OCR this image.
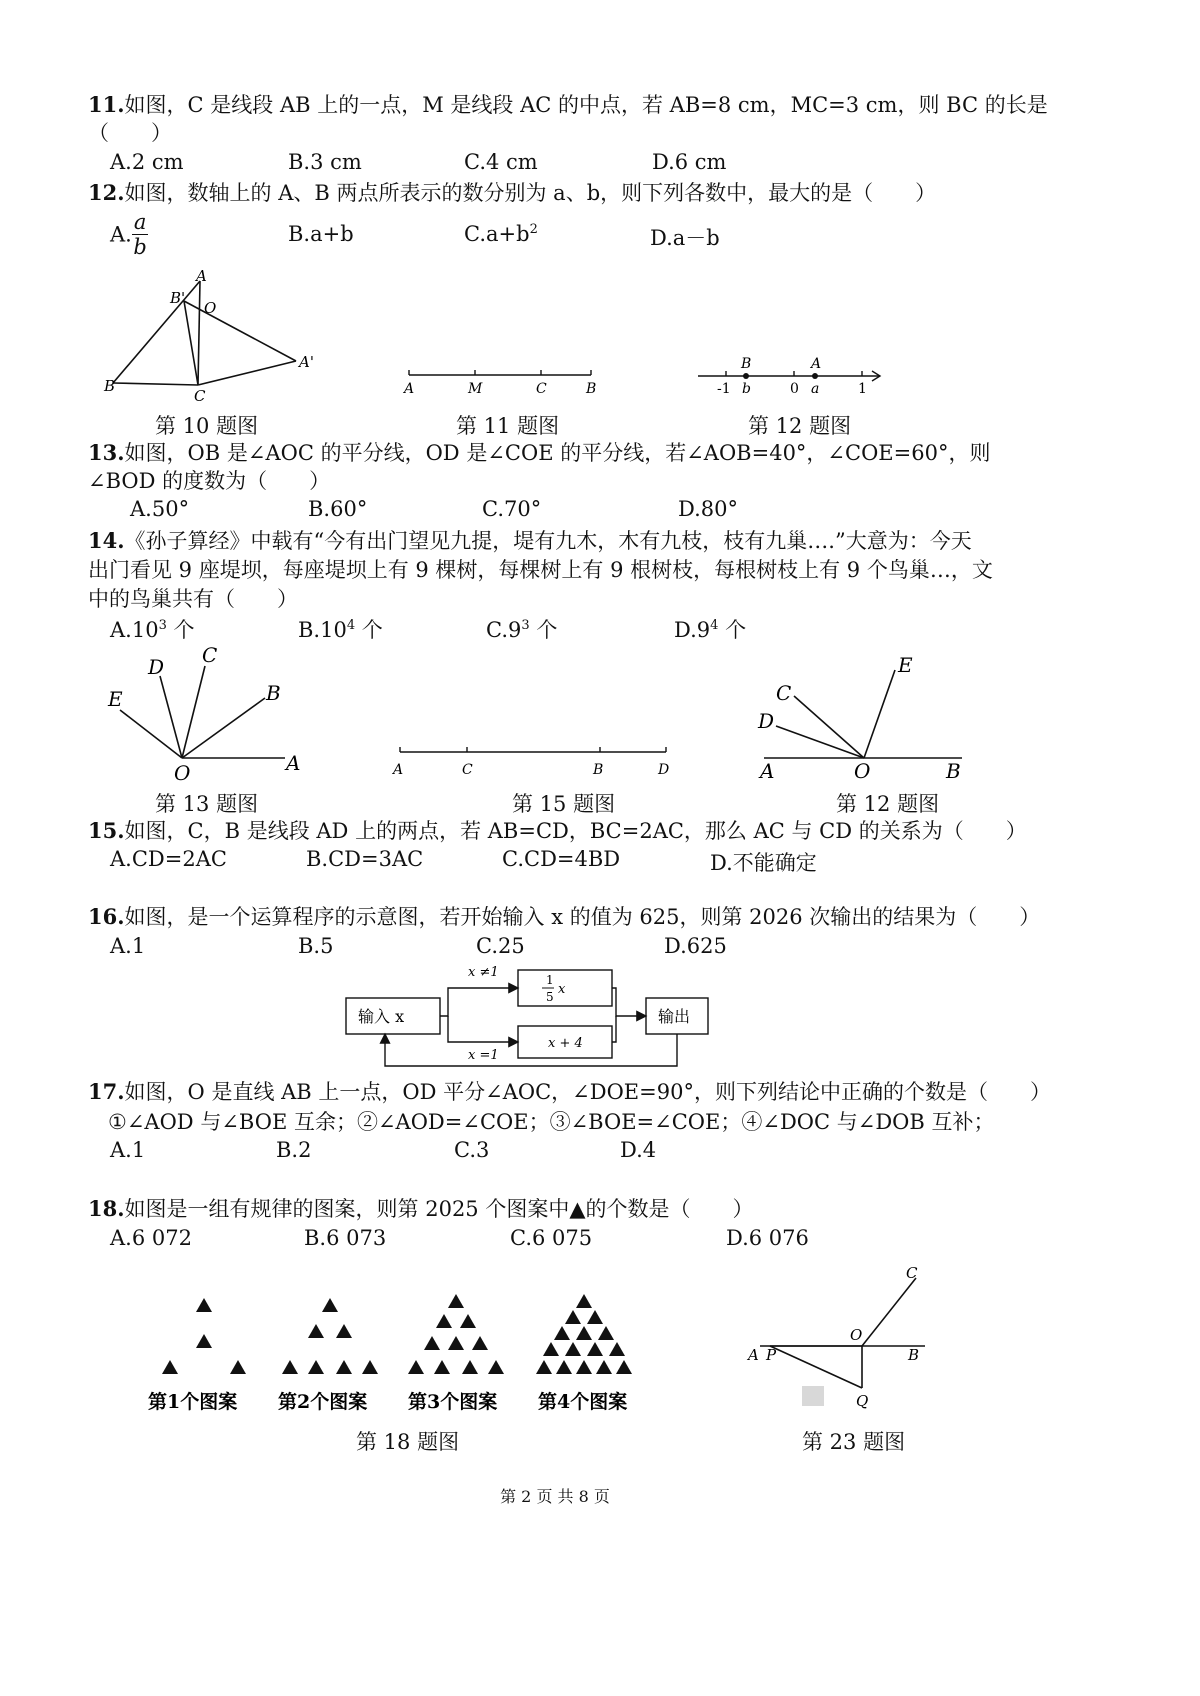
11.如图，C 是线段 AB 上的一点，M 是线段 AC 的中点，若 AB=8 cm，MC=3 cm，则 BC 的长是
（　　）
A.2 cm	B.3 cm	C.4 cm	D.6 cm
12.如图，数轴上的 A、B 两点所表示的数分别为 a、b，则下列各数中，最大的是（　　）
A. $\frac{a}{b}$	B.a+b	$C.a+b^2$	D.a－b
A
B'
O
A'
B
C	A	M	C	B
B	A
-1 b	0 a	1
第 10 题图	第 11 题图	第 12 题图
13.如图，OB 是∠AOC 的平分线，OD 是∠COE 的平分线，若∠AOB=40°，∠COE=60°，则
∠BOD 的度数为（　　）
A.50°	B.60°	C.70°	D.80°
14.《孙子算经》中载有“今有出门望见九提，堤有九木，木有九枝，枝有九巢….”大意为：今天
出门看见 9 座堤坝，每座堤坝上有 9 棵树，每棵树上有 9 根树枝，每根树枝上有 9 个鸟巢…，文
中的鸟巢共有（　　）
$A.10^3$ 个	$B.10^4$ 个	$C.9^3$ 个	$D.9^4$ 个
D C
E	B
O	A	A	C	B	D
E
C
D
A	O	B
第 13 题图	第 15 题图	第 12 题图
15.如图，C，B 是线段 AD 上的两点，若 AB=CD，BC=2AC，那么 AC 与 CD 的关系为（　　）
A.CD=2AC	B.CD=3AC	C.CD=4BD	D.不能确定
16.如图，是一个运算程序的示意图，若开始输入 x 的值为 625，则第 2026 次输出的结果为（　　）
A.1	B.5	C.25	D.625
输入 x	输出
x ≠1
x =1
1
5 x
x + 4
17.如图，O 是直线 AB 上一点，OD 平分∠AOC，∠DOE=90°，则下列结论中正确的个数是（　　）
①∠AOD 与∠BOE 互余；②∠AOD=∠COE；③∠BOE=∠COE；④∠DOC 与∠DOB 互补；
A.1	B.2	C.3	D.4
18.如图是一组有规律的图案，则第 2025 个图案中▲的个数是（　　）
A.6 072	B.6 073	C.6 075	D.6 076
第1个图案 第2个图案 第3个图案 第4个图案
C
O
A P	B
Q
第 18 题图	第 23 题图
第 2 页 共 8 页
